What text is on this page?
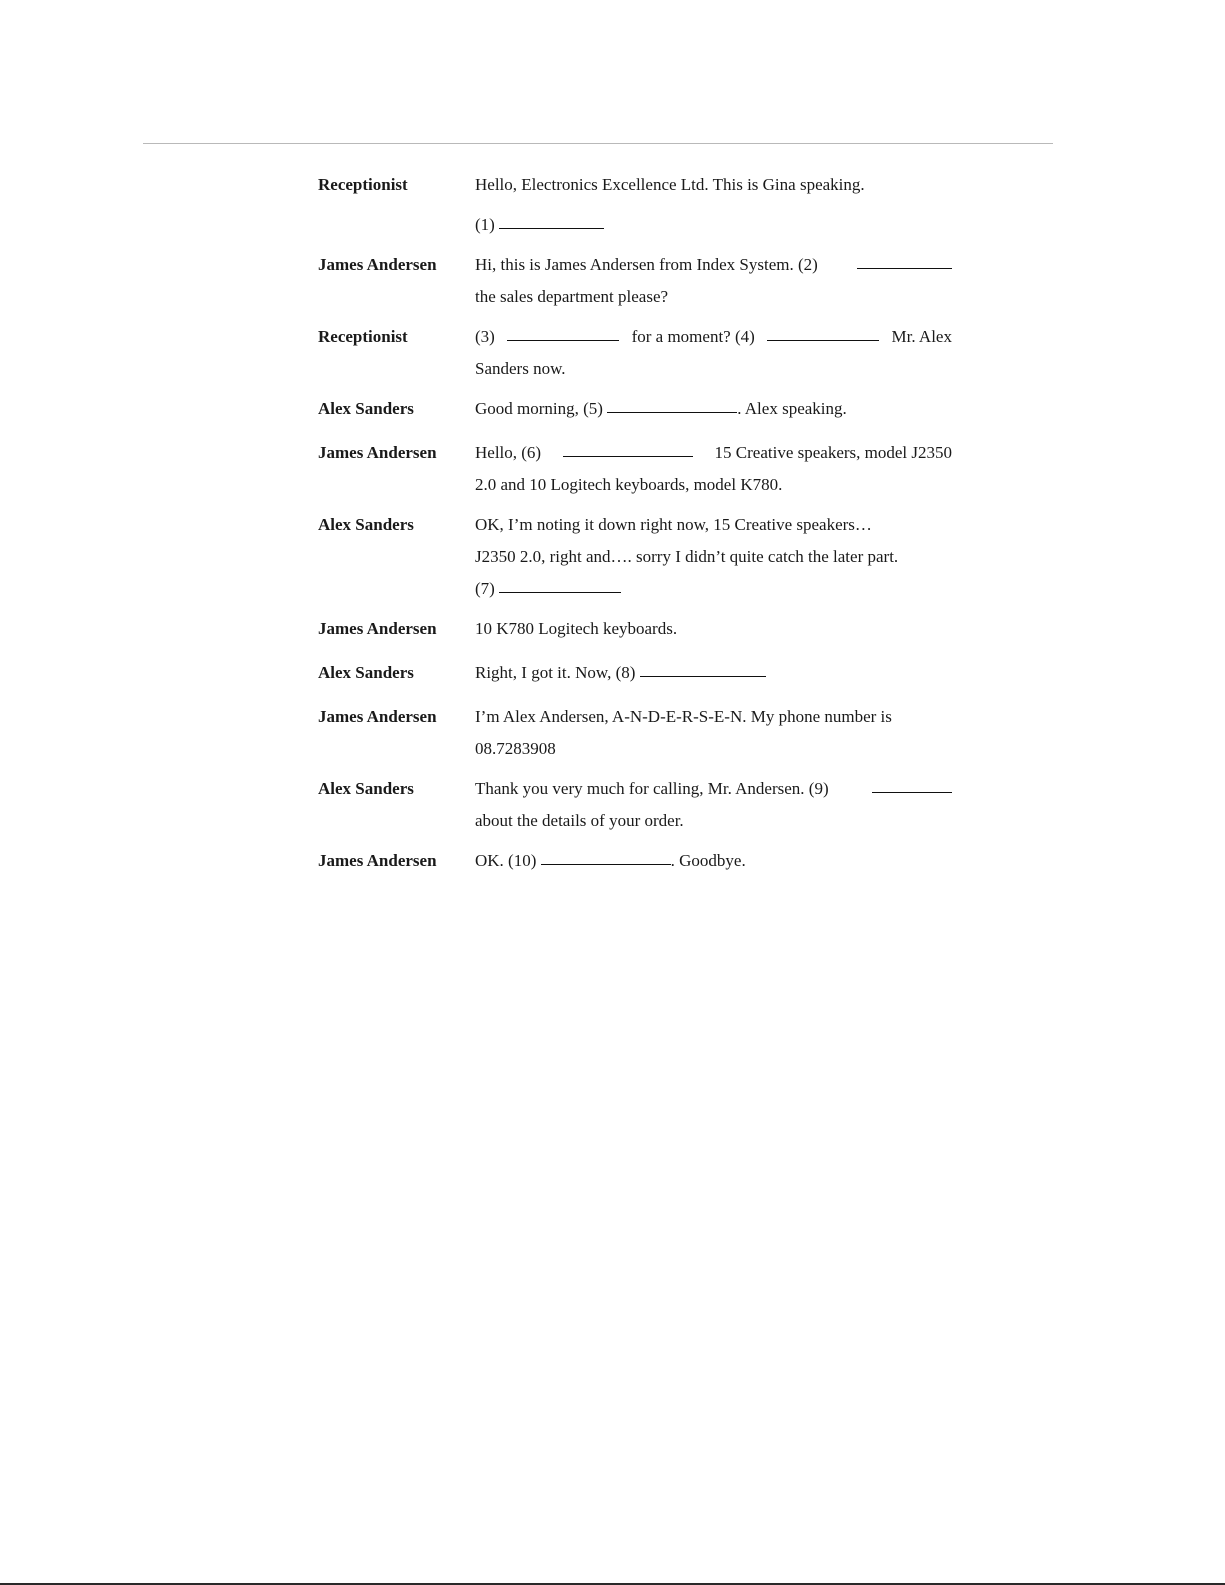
Receptionist	Hello, Electronics Excellence Ltd. This is Gina speaking.
(1)
James Andersen	Hi, this is James Andersen from Index System. (2)
the sales department please?
Receptionist	(3)	for a moment? (4)	Mr. Alex
Sanders now.
Alex Sanders	Good morning, (5)	. Alex speaking.
James Andersen	Hello, (6)	15 Creative speakers, model J2350
2.0 and 10 Logitech keyboards, model K780.
Alex Sanders	OK, I’m noting it down right now, 15 Creative speakers…
J2350 2.0, right and…. sorry I didn’t quite catch the later part.
(7)
James Andersen	10 K780 Logitech keyboards.
Alex Sanders	Right, I got it. Now, (8)
James Andersen	I’m Alex Andersen, A-N-D-E-R-S-E-N. My phone number is
08.7283908
Alex Sanders	Thank you very much for calling, Mr. Andersen. (9)
about the details of your order.
James Andersen	OK. (10)	. Goodbye.
